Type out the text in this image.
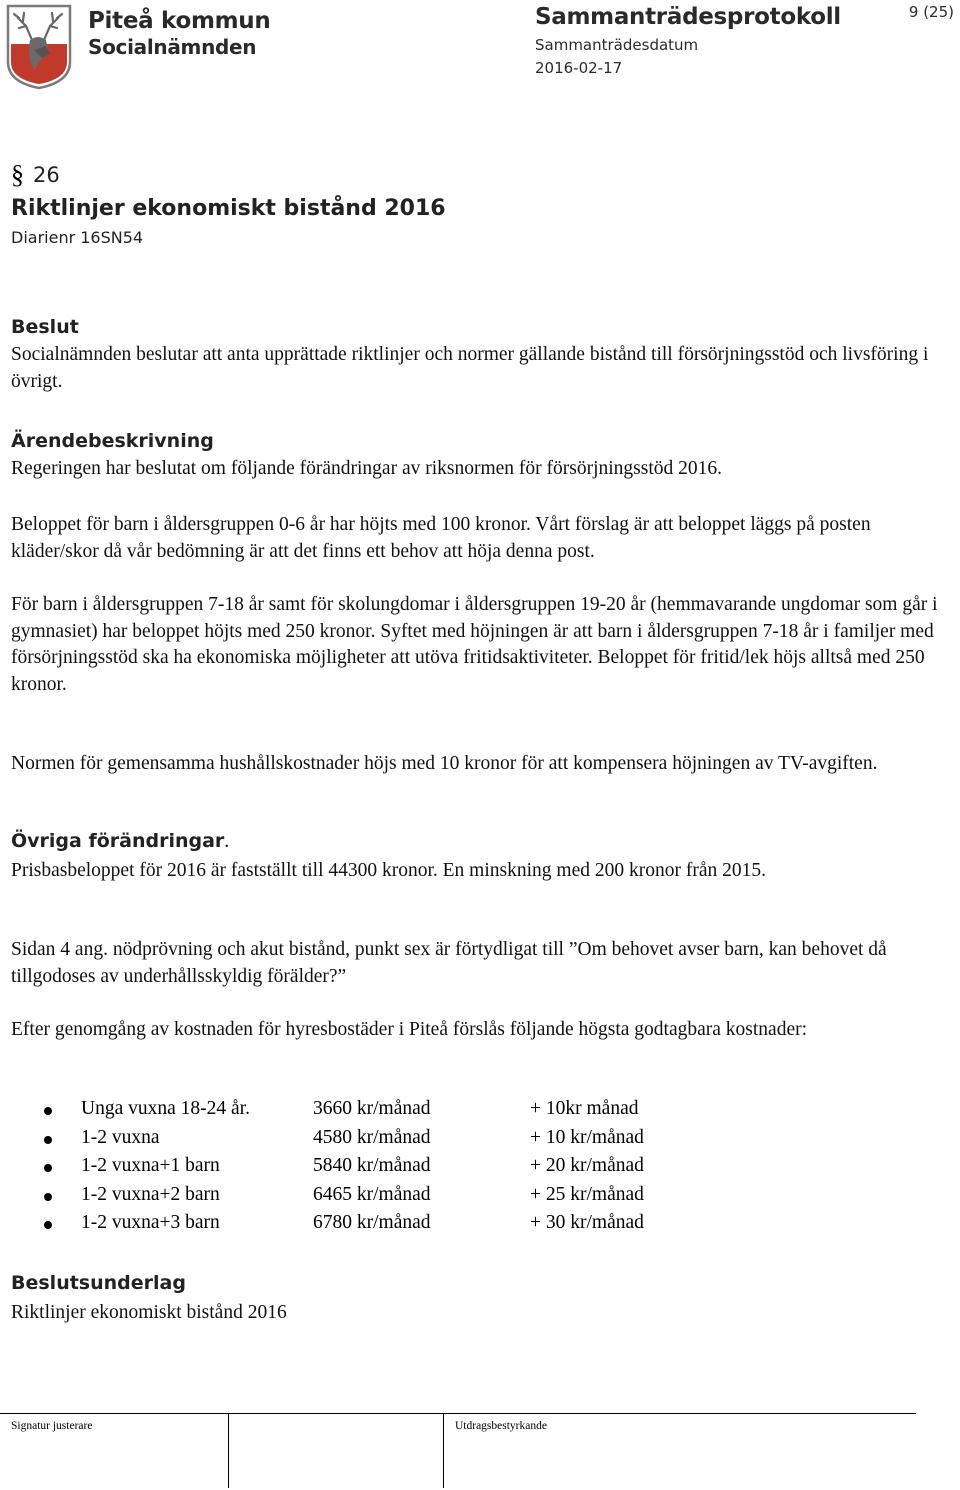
Piteå kommun
Socialnämnden
Sammanträdesprotokoll
Sammanträdesdatum
2016-02-17
9 (25)
§ 26
Riktlinjer ekonomiskt bistånd 2016
Diarienr 16SN54
Beslut
Socialnämnden beslutar att anta upprättade riktlinjer och normer gällande bistånd till försörjningsstöd och livsföring i övrigt.
Ärendebeskrivning
Regeringen har beslutat om följande förändringar av riksnormen för försörjningsstöd 2016.
Beloppet för barn i åldersgruppen 0-6 år har höjts med 100 kronor. Vårt förslag är att beloppet läggs på posten kläder/skor då vår bedömning är att det finns ett behov att höja denna post.
För barn i åldersgruppen 7-18 år samt för skolungdomar i åldersgruppen 19-20 år (hemmavarande ungdomar som går i gymnasiet) har beloppet höjts med 250 kronor. Syftet med höjningen är att barn i åldersgruppen 7-18 år i familjer med försörjningsstöd ska ha ekonomiska möjligheter att utöva fritidsaktiviteter. Beloppet för fritid/lek höjs alltså med 250 kronor.
Normen för gemensamma hushållskostnader höjs med 10 kronor för att kompensera höjningen av TV-avgiften.
Övriga förändringar.
Prisbasbeloppet för 2016 är fastställt till 44300 kronor. En minskning med 200 kronor från 2015.
Sidan 4 ang. nödprövning och akut bistånd, punkt sex är förtydligat till ”Om behovet avser barn, kan behovet då tillgodoses av underhållsskyldig förälder?”
Efter genomgång av kostnaden för hyresbostäder i Piteå förslås följande högsta godtagbara kostnader:
Unga vuxna 18-24 år.	3660 kr/månad	+ 10kr månad
1-2 vuxna	4580 kr/månad	+ 10 kr/månad
1-2 vuxna+1 barn	5840 kr/månad	+ 20 kr/månad
1-2 vuxna+2 barn	6465 kr/månad	+ 25 kr/månad
1-2 vuxna+3 barn	6780 kr/månad	+ 30 kr/månad
Beslutsunderlag
Riktlinjer ekonomiskt bistånd 2016
Signatur justerare	Utdragsbestyrkande
